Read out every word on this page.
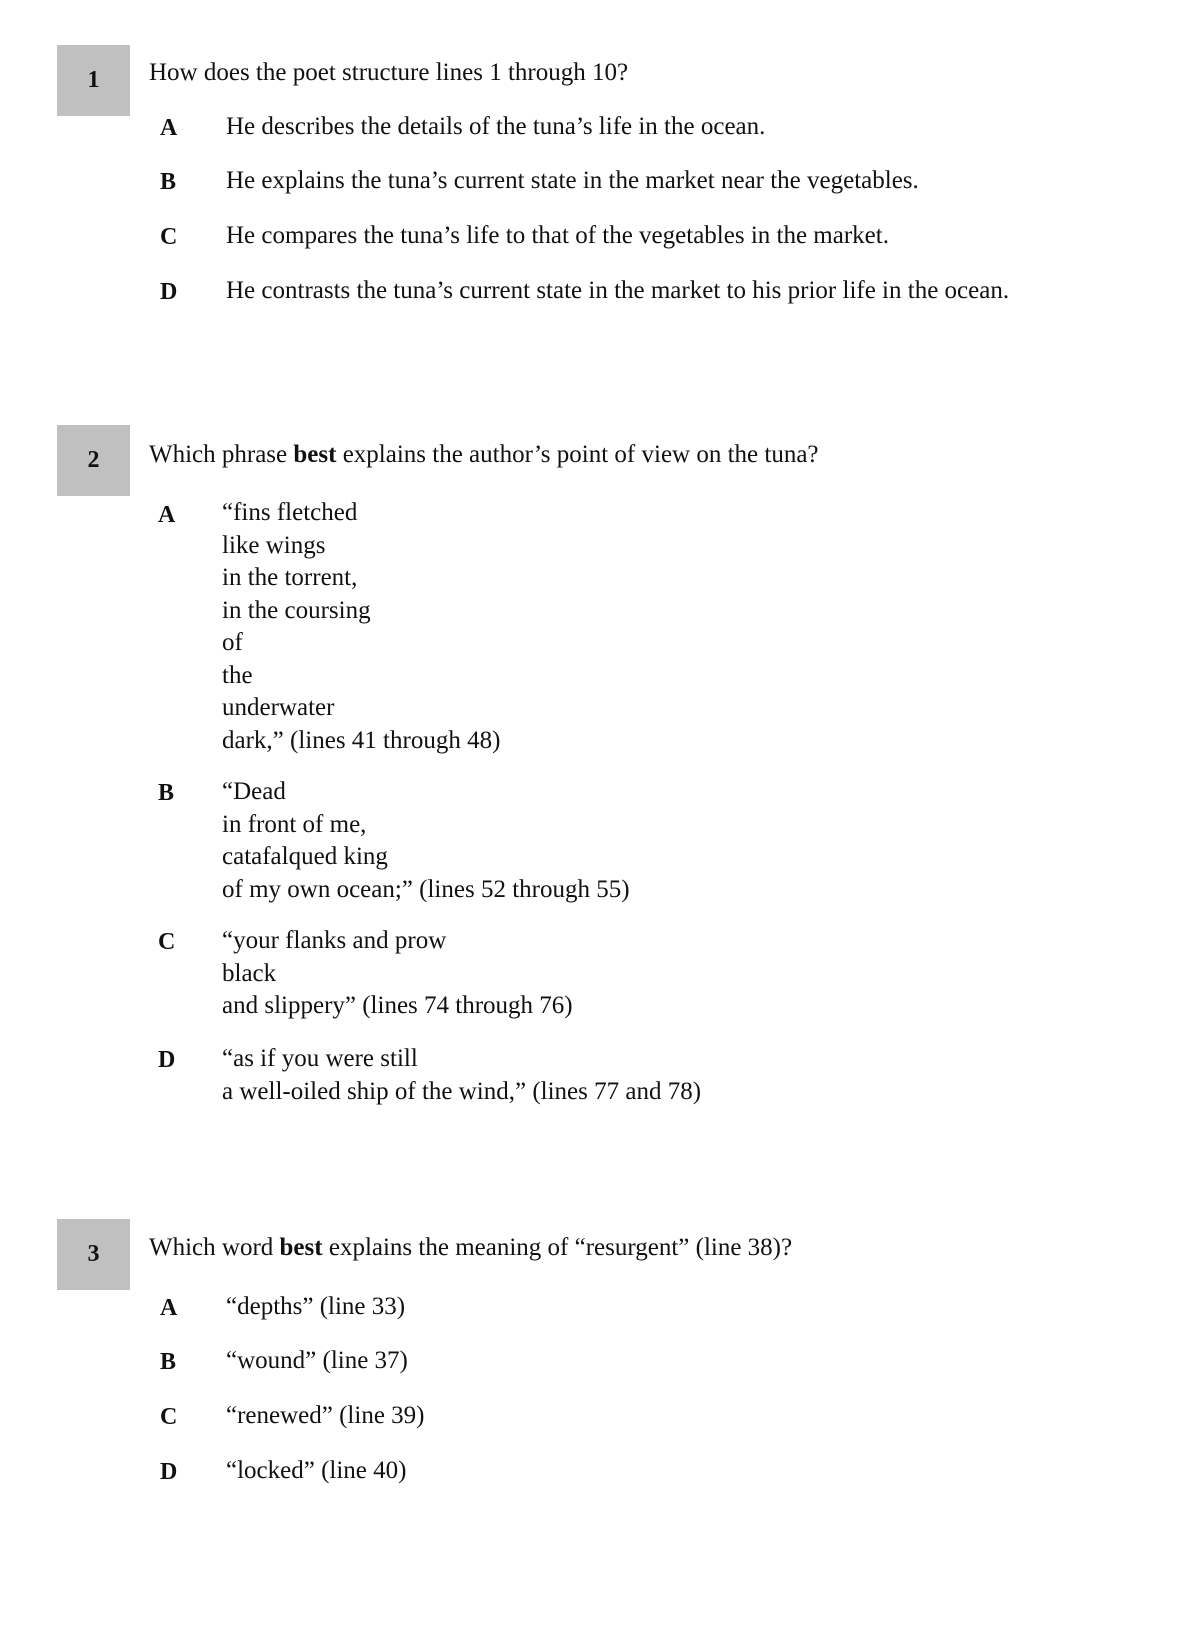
1 How does the poet structure lines 1 through 10?
A He describes the details of the tuna’s life in the ocean.
B He explains the tuna’s current state in the market near the vegetables.
C He compares the tuna’s life to that of the vegetables in the market.
D He contrasts the tuna’s current state in the market to his prior life in the ocean.
2 Which phrase best explains the author’s point of view on the tuna?
A “fins fletched
like wings
in the torrent,
in the coursing
of
the
underwater
dark,” (lines 41 through 48)
B “Dead
in front of me,
catafalqued king
of my own ocean;” (lines 52 through 55)
C “your flanks and prow
black
and slippery” (lines 74 through 76)
D “as if you were still
a well-oiled ship of the wind,” (lines 77 and 78)
3 Which word best explains the meaning of “resurgent” (line 38)?
A “depths” (line 33)
B “wound” (line 37)
C “renewed” (line 39)
D “locked” (line 40)
